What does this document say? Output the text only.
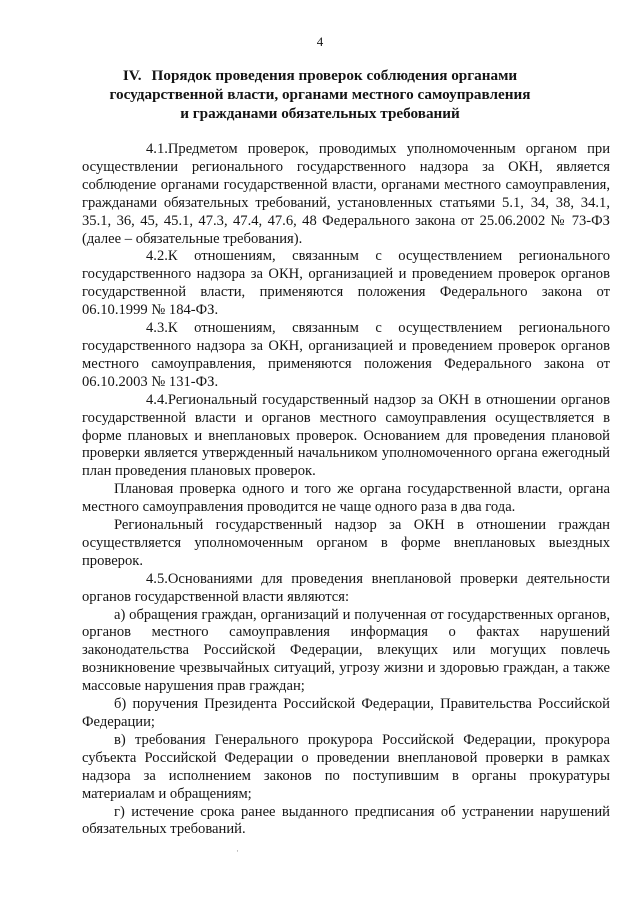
4
IV. Порядок проведения проверок соблюдения органами
государственной власти, органами местного самоуправления
и гражданами обязательных требований

4.1.Предметом проверок, проводимых уполномоченным органом при осуществлении регионального государственного надзора за ОКН, является соблюдение органами государственной власти, органами местного самоуправления, гражданами обязательных требований, установленных статьями 5.1, 34, 38, 34.1, 35.1, 36, 45, 45.1, 47.3, 47.4, 47.6, 48 Федерального закона от 25.06.2002 № 73-ФЗ (далее – обязательные требования).

4.2.К отношениям, связанным с осуществлением регионального государственного надзора за ОКН, организацией и проведением проверок органов государственной власти, применяются положения Федерального закона от 06.10.1999 № 184-ФЗ.

4.3.К отношениям, связанным с осуществлением регионального государственного надзора за ОКН, организацией и проведением проверок органов местного самоуправления, применяются положения Федерального закона от 06.10.2003 № 131-ФЗ.

4.4.Региональный государственный надзор за ОКН в отношении органов государственной власти и органов местного самоуправления осуществляется в форме плановых и внеплановых проверок. Основанием для проведения плановой проверки является утвержденный начальником уполномоченного органа ежегодный план проведения плановых проверок.

Плановая проверка одного и того же органа государственной власти, органа местного самоуправления проводится не чаще одного раза в два года.

Региональный государственный надзор за ОКН в отношении граждан осуществляется уполномоченным органом в форме внеплановых выездных проверок.

4.5.Основаниями для проведения внеплановой проверки деятельности органов государственной власти являются:

а) обращения граждан, организаций и полученная от государственных органов, органов местного самоуправления информация о фактах нарушений законодательства Российской Федерации, влекущих или могущих повлечь возникновение чрезвычайных ситуаций, угрозу жизни и здоровью граждан, а также массовые нарушения прав граждан;

б) поручения Президента Российской Федерации, Правительства Российской Федерации;

в) требования Генерального прокурора Российской Федерации, прокурора субъекта Российской Федерации о проведении внеплановой проверки в рамках надзора за исполнением законов по поступившим в органы прокуратуры материалам и обращениям;

г) истечение срока ранее выданного предписания об устранении нарушений обязательных требований.

·
